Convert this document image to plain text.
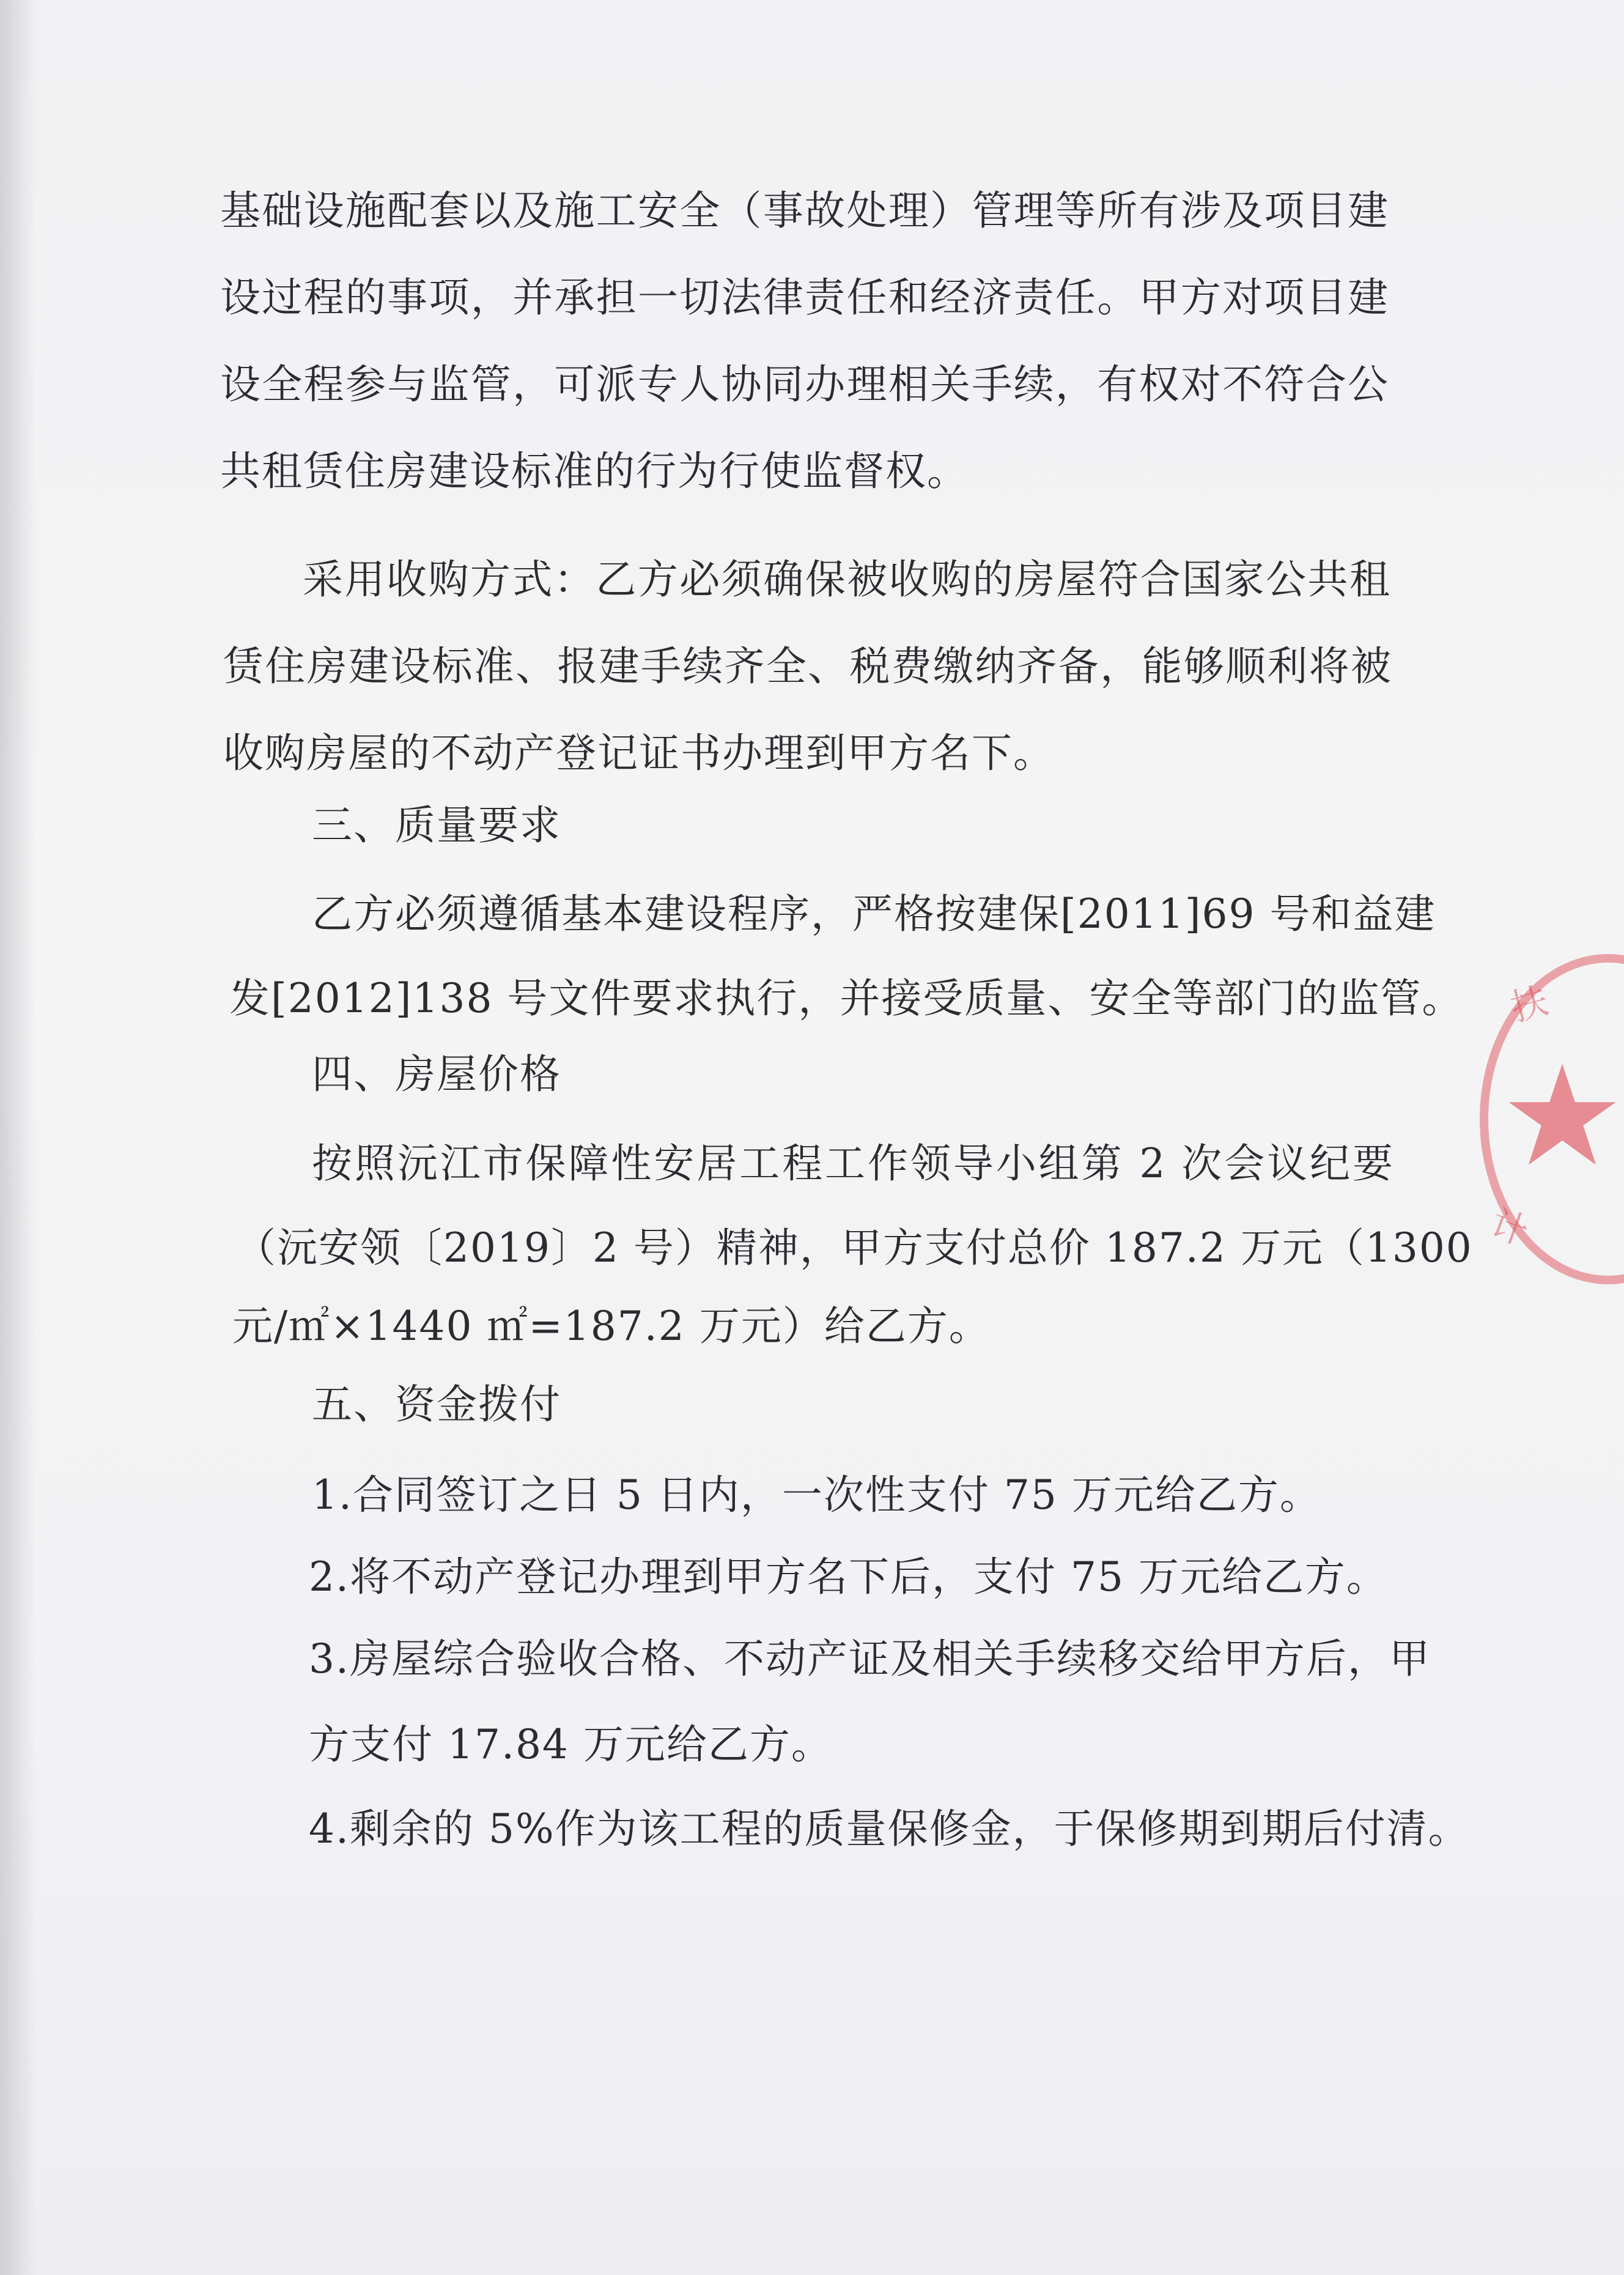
基础设施配套以及施工安全（事故处理）管理等所有涉及项目建
设过程的事项，并承担一切法律责任和经济责任。甲方对项目建
设全程参与监管，可派专人协同办理相关手续，有权对不符合公
共租赁住房建设标准的行为行使监督权。
采用收购方式：乙方必须确保被收购的房屋符合国家公共租
赁住房建设标准、报建手续齐全、税费缴纳齐备，能够顺利将被
收购房屋的不动产登记证书办理到甲方名下。
三、质量要求
乙方必须遵循基本建设程序，严格按建保[2011]69 号和益建
发[2012]138 号文件要求执行，并接受质量、安全等部门的监管。
四、房屋价格
按照沅江市保障性安居工程工作领导小组第 2 次会议纪要
（沅安领〔2019〕2 号）精神，甲方支付总价 187.2 万元（1300
元/㎡×1440 ㎡=187.2 万元）给乙方。
五、资金拨付
1.合同签订之日 5 日内，一次性支付 75 万元给乙方。
2.将不动产登记办理到甲方名下后，支付 75 万元给乙方。
3.房屋综合验收合格、不动产证及相关手续移交给甲方后，甲
方支付 17.84 万元给乙方。
4.剩余的 5%作为该工程的质量保修金，于保修期到期后付清。
扶
计
